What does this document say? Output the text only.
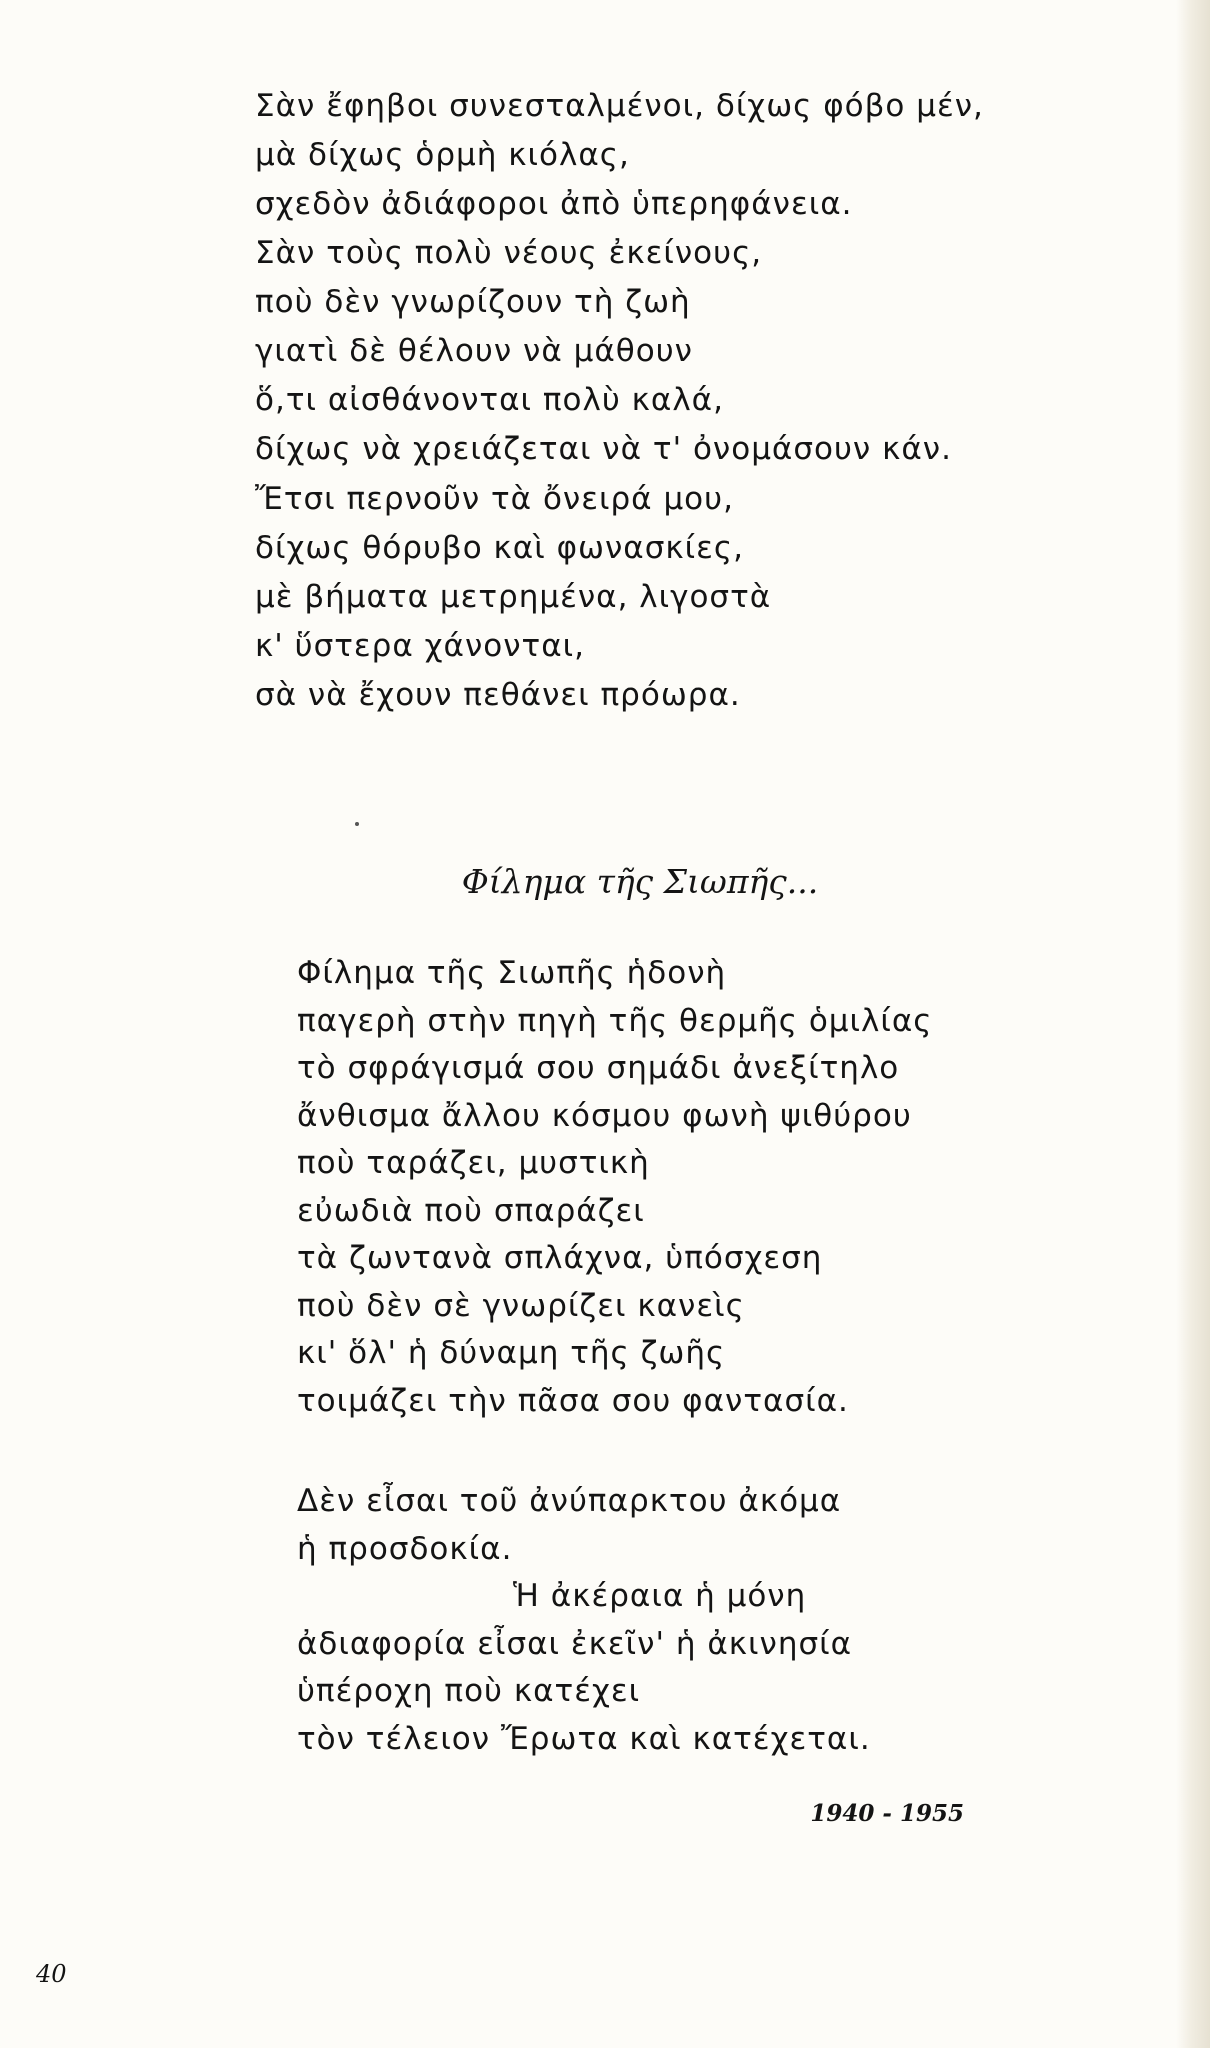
Σὰν ἔφηβοι συνεσταλμένοι, δίχως φόβο μέν,
μὰ δίχως ὁρμὴ κιόλας,
σχεδὸν ἀδιάφοροι ἀπὸ ὑπερηφάνεια.
Σὰν τοὺς πολὺ νέους ἐκείνους,
ποὺ δὲν γνωρίζουν τὴ ζωὴ
γιατὶ δὲ θέλουν νὰ μάθουν
ὅ,τι αἰσθάνονται πολὺ καλά,
δίχως νὰ χρειάζεται νὰ τ' ὀνομάσουν κάν.
Ἔτσι περνοῦν τὰ ὄνειρά μου,
δίχως θόρυβο καὶ φωνασκίες,
μὲ βήματα μετρημένα, λιγοστὰ
κ' ὕστερα χάνονται,
σὰ νὰ ἔχουν πεθάνει πρόωρα.
Φίλημα τῆς Σιωπῆς...
Φίλημα τῆς Σιωπῆς ἡδονὴ
παγερὴ στὴν πηγὴ τῆς θερμῆς ὁμιλίας
τὸ σφράγισμά σου σημάδι ἀνεξίτηλο
ἄνθισμα ἄλλου κόσμου φωνὴ ψιθύρου
ποὺ ταράζει, μυστικὴ
εὐωδιὰ ποὺ σπαράζει
τὰ ζωντανὰ σπλάχνα, ὑπόσχεση
ποὺ δὲν σὲ γνωρίζει κανεὶς
κι' ὅλ' ἡ δύναμη τῆς ζωῆς
τοιμάζει τὴν πᾶσα σου φαντασία.
Δὲν εἶσαι τοῦ ἀνύπαρκτου ἀκόμα
ἡ προσδοκία.
Ἡ ἀκέραια ἡ μόνη
ἀδιαφορία εἶσαι ἐκεῖν' ἡ ἀκινησία
ὑπέροχη ποὺ κατέχει
τὸν τέλειον Ἔρωτα καὶ κατέχεται.
1940 - 1955
40
